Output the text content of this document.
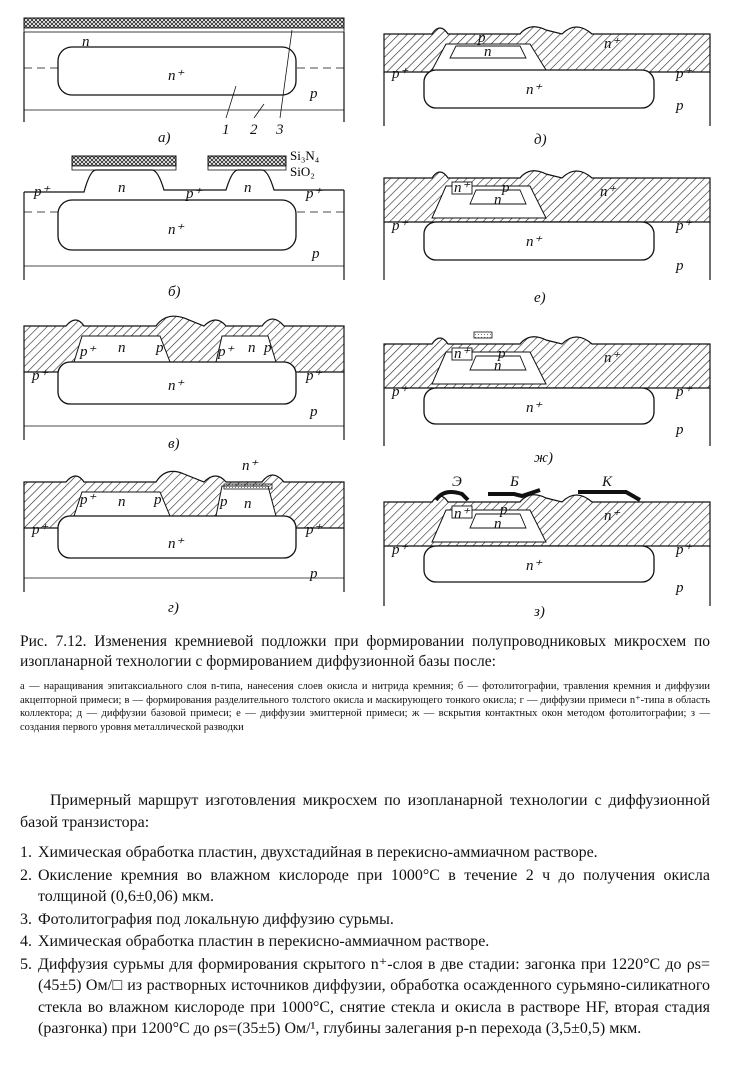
n
n⁺
p
1 2 3
а)
Si₃N₄
SiO₂
p⁺	n	p⁺	n	p⁺
n⁺
p
б)
p⁺ n p	p⁺ n p
p⁺	p⁺
n⁺
p
в)
n⁺
p⁺ n p	p n
p⁺	p⁺
n⁺
p
г)
p
n	n⁺
p⁺	p⁺
n⁺
p
д)
n⁺ p
n	n⁺
p⁺	p⁺
n⁺
p
е)
n⁺ p
n	n⁺
p⁺	p⁺
n⁺
p
ж)
Э	Б	К
n⁺ p
n	n⁺
p⁺	p⁺
n⁺
p
з)
Рис. 7.12. Изменения кремниевой подложки при формировании полупроводниковых микросхем по изопланарной технологии с формированием диффузионной базы после:
а — наращивания эпитаксиального слоя n-типа, нанесения слоев окисла и нитрида кремния; б — фотолитографии, травления кремния и диффузии акцепторной примеси; в — формирования разделительного толстого окисла и маскирующего тонкого окисла; г — диффузии примеси n⁺-типа в область коллектора; д — диффузии базовой примеси; е — диффузии эмиттерной примеси; ж — вскрытия контактных окон методом фотолитографии; з — создания первого уровня металлической разводки
Примерный маршрут изготовления микросхем по изопланарной технологии с диффузионной базой транзистора:
1. Химическая обработка пластин, двухстадийная в перекисно-аммиачном растворе.
2. Окисление кремния во влажном кислороде при 1000°С в течение 2 ч до получения окисла толщиной (0,6±0,06) мкм.
3. Фотолитография под локальную диффузию сурьмы.
4. Химическая обработка пластин в перекисно-аммиачном растворе.
5. Диффузия сурьмы для формирования скрытого n⁺-слоя в две стадии: загонка при 1220°С до ρs=(45±5) Ом/□ из растворных источников диффузии, обработка осажденного сурьмяно-силикатного стекла во влажном кислороде при 1000°С, снятие стекла и окисла в растворе HF, вторая стадия (разгонка) при 1200°С до ρs=(35±5) Ом/¹, глубины залегания p-n перехода (3,5±0,5) мкм.
